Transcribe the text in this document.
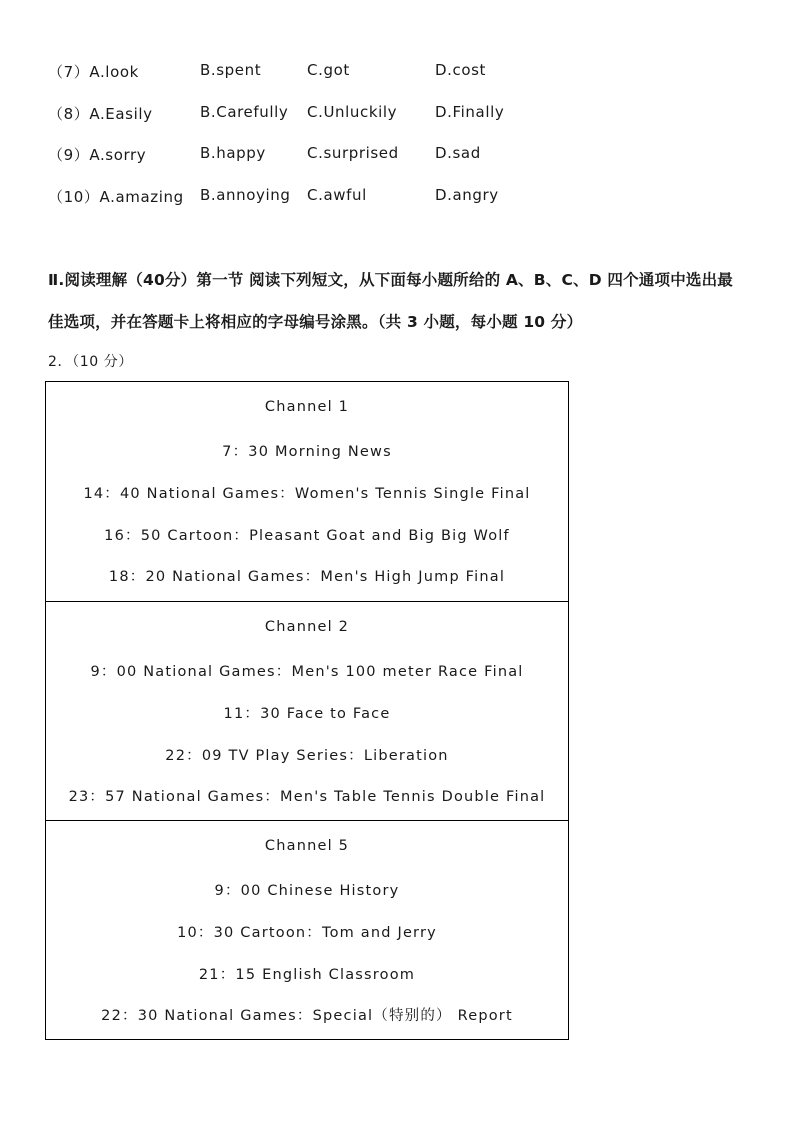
（7）A.look	B.spent	C.got	D.cost
（8）A.Easily	B.Carefully C.Unluckily	D.Finally
（9）A.sorry	B.happy	C.surprised D.sad
（10）A.amazing B.annoying C.awful	D.angry
Ⅱ.阅读理解（40分）第一节 阅读下列短文，从下面每小题所给的 A、B、C、D 四个通项中选出最
佳选项，并在答题卡上将相应的字母编号涂黑。（共 3 小题，每小题 10 分）
2．（10 分）
Channel 1
7：30 Morning News
14：40 National Games：Women's Tennis Single Final
16：50 Cartoon：Pleasant Goat and Big Big Wolf
18：20 National Games：Men's High Jump Final
Channel 2
9：00 National Games：Men's 100 meter Race Final
11：30 Face to Face
22：09 TV Play Series：Liberation
23：57 National Games：Men's Table Tennis Double Final
Channel 5
9：00 Chinese History
10：30 Cartoon：Tom and Jerry
21：15 English Classroom
22：30 National Games：Special（特别的） Report
